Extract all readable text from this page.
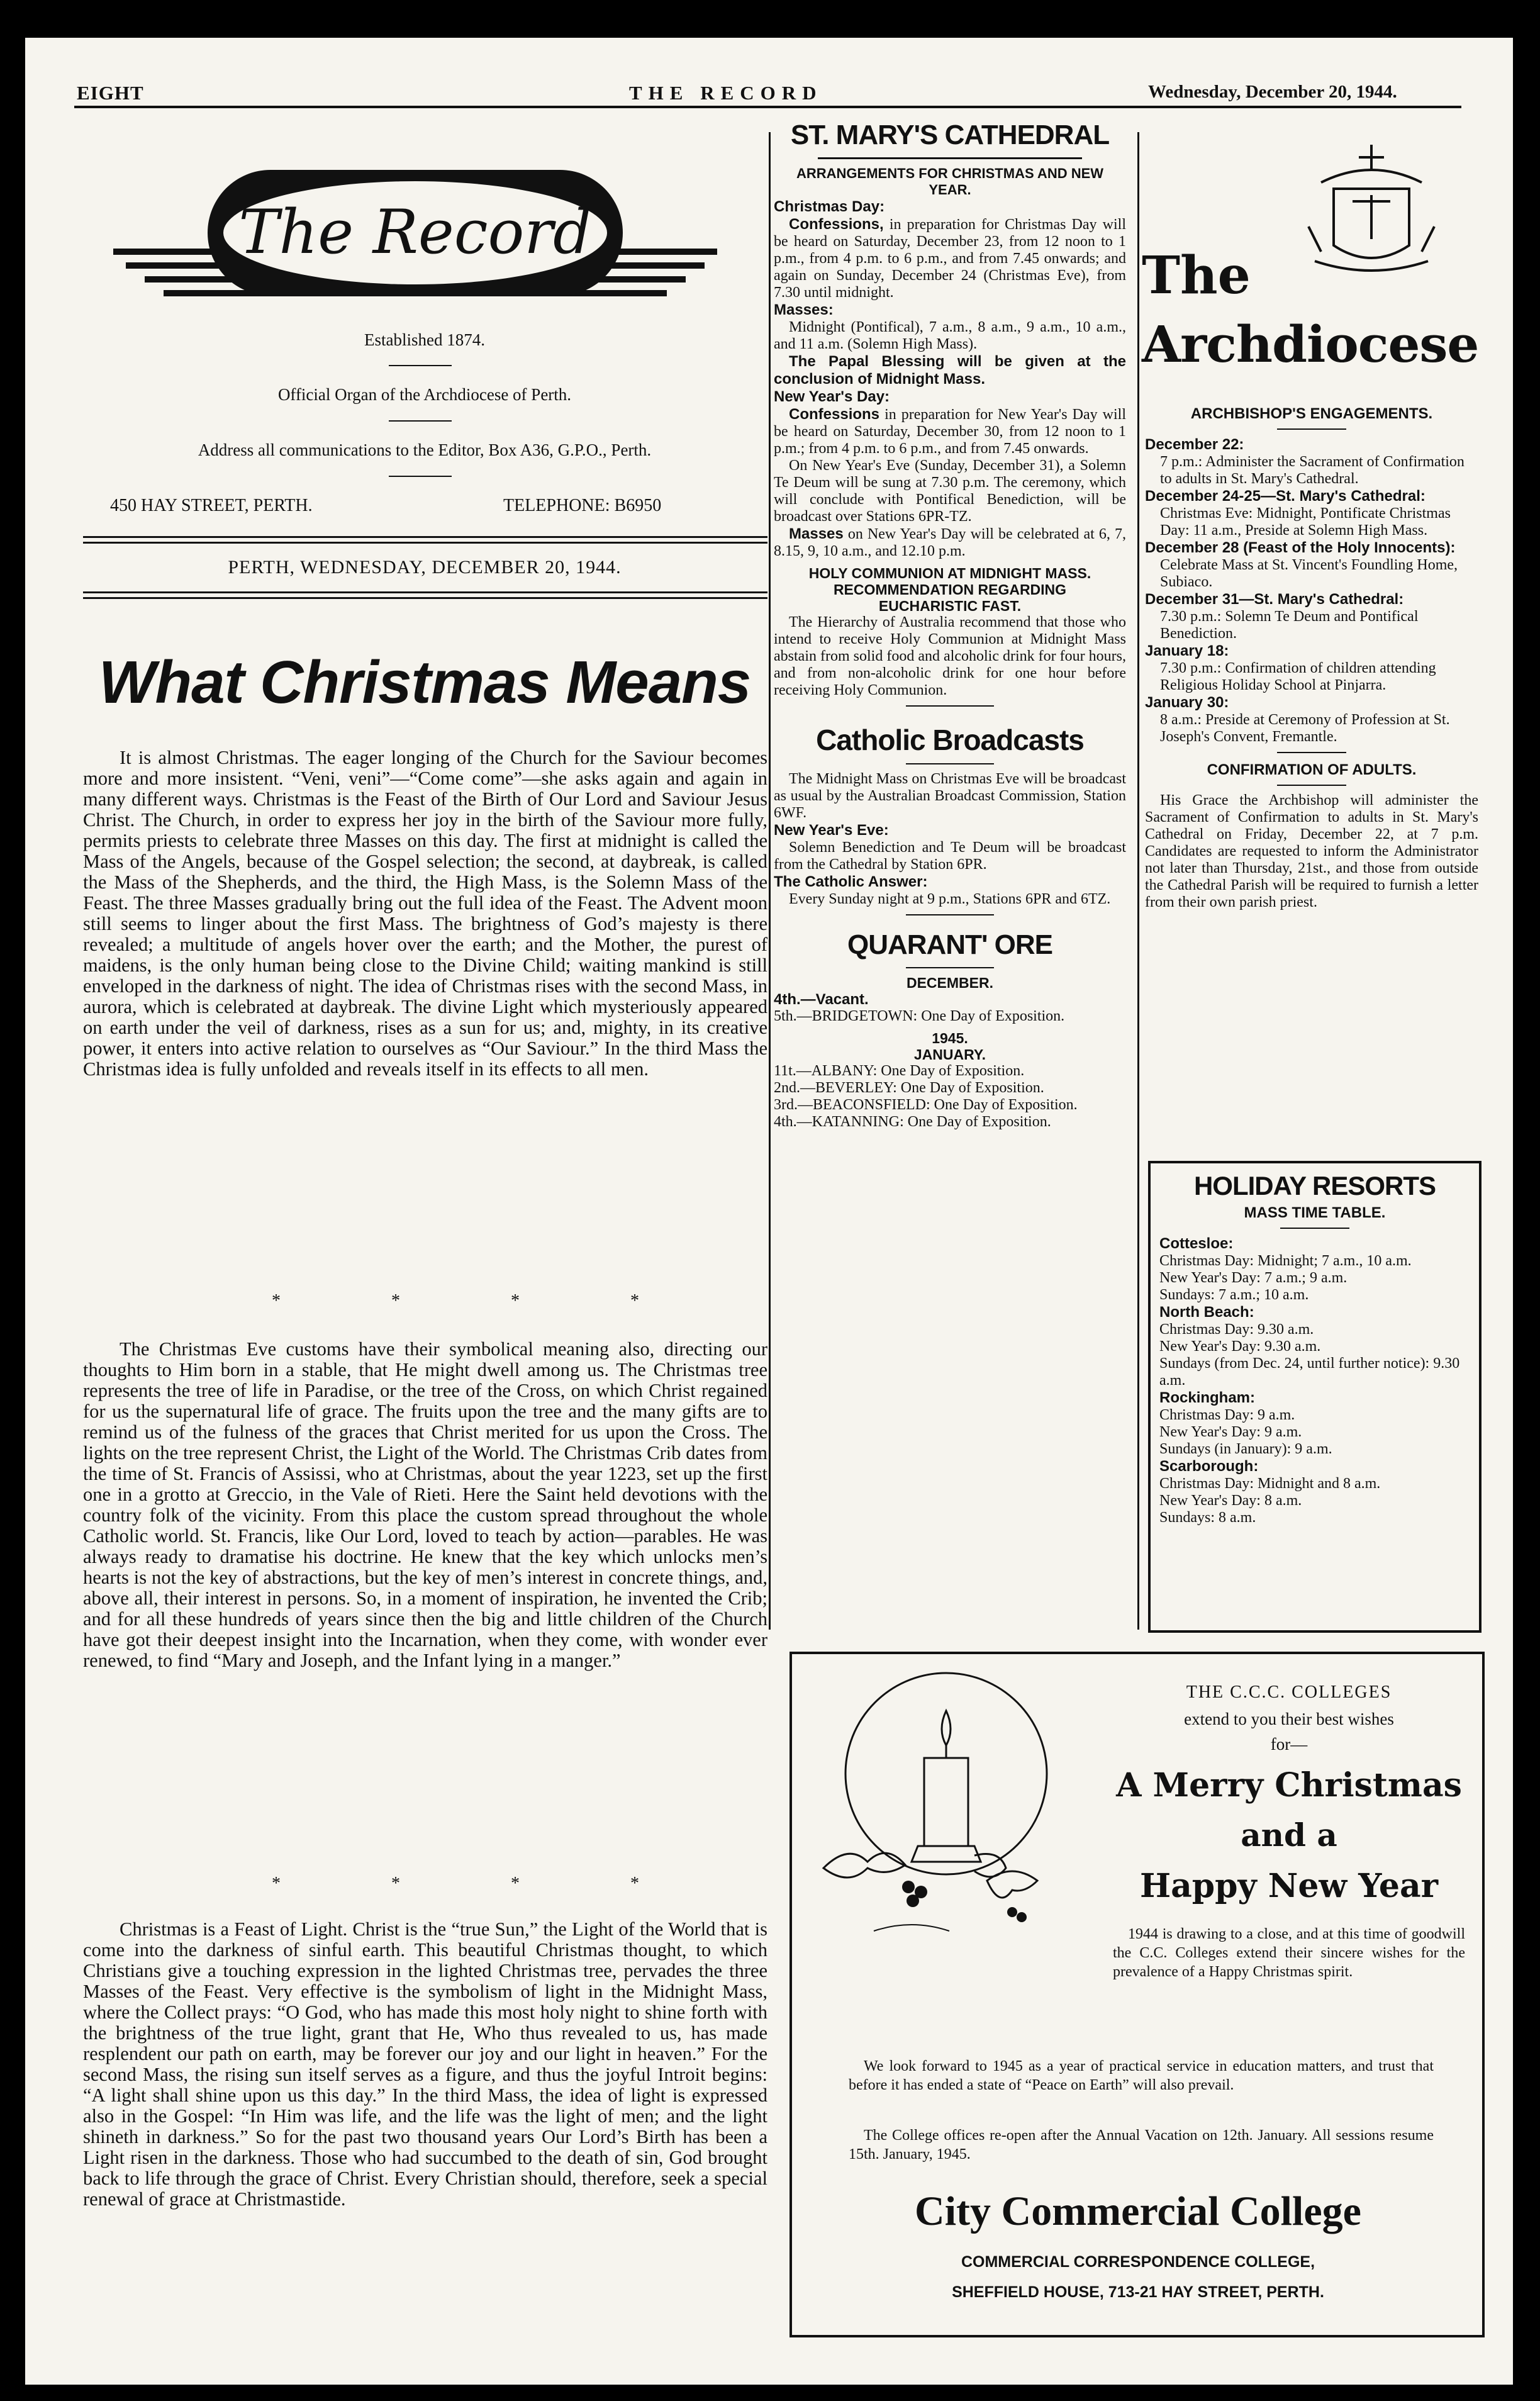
EIGHT	THE RECORD	Wednesday, December 20, 1944.
The Record
Established 1874.
Official Organ of the Archdiocese of Perth.
Address all communications to the Editor, Box A36, G.P.O., Perth.
450 HAY STREET, PERTH.	TELEPHONE: B6950
PERTH, WEDNESDAY, DECEMBER 20, 1944.
What Christmas Means

It is almost Christmas. The eager longing of the Church for the Saviour becomes more and more insistent. “Veni, veni”—“Come come”—she asks again and again in many different ways. Christmas is the Feast of the Birth of Our Lord and Saviour Jesus Christ. The Church, in order to express her joy in the birth of the Saviour more fully, permits priests to celebrate three Masses on this day. The first at midnight is called the Mass of the Angels, because of the Gospel selection; the second, at daybreak, is called the Mass of the Shepherds, and the third, the High Mass, is the Solemn Mass of the Feast. The three Masses gradually bring out the full idea of the Feast. The Advent moon still seems to linger about the first Mass. The brightness of God’s majesty is there revealed; a multitude of angels hover over the earth; and the Mother, the purest of maidens, is the only human being close to the Divine Child; waiting mankind is still enveloped in the darkness of night. The idea of Christmas rises with the second Mass, in aurora, which is celebrated at daybreak. The divine Light which mysteriously appeared on earth under the veil of darkness, rises as a sun for us; and, mighty, in its creative power, it enters into active relation to ourselves as “Our Saviour.” In the third Mass the Christmas idea is fully unfolded and reveals itself in its effects to all men.

*	*	*	*

The Christmas Eve customs have their symbolical meaning also, directing our thoughts to Him born in a stable, that He might dwell among us. The Christmas tree represents the tree of life in Paradise, or the tree of the Cross, on which Christ regained for us the supernatural life of grace. The fruits upon the tree and the many gifts are to remind us of the fulness of the graces that Christ merited for us upon the Cross. The lights on the tree represent Christ, the Light of the World. The Christmas Crib dates from the time of St. Francis of Assissi, who at Christmas, about the year 1223, set up the first one in a grotto at Greccio, in the Vale of Rieti. Here the Saint held devotions with the country folk of the vicinity. From this place the custom spread throughout the whole Catholic world. St. Francis, like Our Lord, loved to teach by action—parables. He was always ready to dramatise his doctrine. He knew that the key which unlocks men’s hearts is not the key of abstractions, but the key of men’s interest in concrete things, and, above all, their interest in persons. So, in a moment of inspiration, he invented the Crib; and for all these hundreds of years since then the big and little children of the Church have got their deepest insight into the Incarnation, when they come, with wonder ever renewed, to find “Mary and Joseph, and the Infant lying in a manger.”

*	*	*	*

Christmas is a Feast of Light. Christ is the “true Sun,” the Light of the World that is come into the darkness of sinful earth. This beautiful Christmas thought, to which Christians give a touching expression in the lighted Christmas tree, pervades the three Masses of the Feast. Very effective is the symbolism of light in the Midnight Mass, where the Collect prays: “O God, who has made this most holy night to shine forth with the brightness of the true light, grant that He, Who thus revealed to us, has made resplendent our path on earth, may be forever our joy and our light in heaven.” For the second Mass, the rising sun itself serves as a figure, and thus the joyful Introit begins: “A light shall shine upon us this day.” In the third Mass, the idea of light is expressed also in the Gospel: “In Him was life, and the life was the light of men; and the light shineth in darkness.” So for the past two thousand years Our Lord’s Birth has been a Light risen in the darkness. Those who had succumbed to the death of sin, God brought back to life through the grace of Christ. Every Christian should, therefore, seek a special renewal of grace at Christmastide.

ST. MARY'S CATHEDRAL
ARRANGEMENTS FOR CHRISTMAS AND NEW YEAR.

Christmas Day:

Confessions, in preparation for Christmas Day will be heard on Saturday, December 23, from 12 noon to 1 p.m., from 4 p.m. to 6 p.m., and from 7.45 onwards; and again on Sunday, December 24 (Christmas Eve), from 7.30 until midnight.

Masses:

Midnight (Pontifical), 7 a.m., 8 a.m., 9 a.m., 10 a.m., and 11 a.m. (Solemn High Mass).

The Papal Blessing will be given at the conclusion of Midnight Mass.

New Year's Day:

Confessions in preparation for New Year's Day will be heard on Saturday, December 30, from 12 noon to 1 p.m.; from 4 p.m. to 6 p.m., and from 7.45 onwards.

On New Year's Eve (Sunday, December 31), a Solemn Te Deum will be sung at 7.30 p.m. The ceremony, which will conclude with Pontifical Benediction, will be broadcast over Stations 6PR-TZ.

Masses on New Year's Day will be celebrated at 6, 7, 8.15, 9, 10 a.m., and 12.10 p.m.

HOLY COMMUNION AT MIDNIGHT MASS.
RECOMMENDATION REGARDING EUCHARISTIC FAST.

The Hierarchy of Australia recommend that those who intend to receive Holy Communion at Midnight Mass abstain from solid food and alcoholic drink for four hours, and from non-alcoholic drink for one hour before receiving Holy Communion.

Catholic Broadcasts

The Midnight Mass on Christmas Eve will be broadcast as usual by the Australian Broadcast Commission, Station 6WF.

New Year's Eve:

Solemn Benediction and Te Deum will be broadcast from the Cathedral by Station 6PR.

The Catholic Answer:

Every Sunday night at 9 p.m., Stations 6PR and 6TZ.

QUARANT' ORE
DECEMBER.

4th.—Vacant.

5th.—BRIDGETOWN: One Day of Exposition.

1945.
JANUARY.

11t.—ALBANY: One Day of Exposition.

2nd.—BEVERLEY: One Day of Exposition.

3rd.—BEACONSFIELD: One Day of Exposition.

4th.—KATANNING: One Day of Exposition.

The
Archdiocese
ARCHBISHOP'S ENGAGEMENTS.

December 22:

7 p.m.: Administer the Sacrament of Confirmation to adults in St. Mary's Cathedral.

December 24-25—St. Mary's Cathedral:

Christmas Eve: Midnight, Pontificate Christmas Day: 11 a.m., Preside at Solemn High Mass.

December 28 (Feast of the Holy Innocents):

Celebrate Mass at St. Vincent's Foundling Home, Subiaco.

December 31—St. Mary's Cathedral:

7.30 p.m.: Solemn Te Deum and Pontifical Benediction.

January 18:

7.30 p.m.: Confirmation of children attending Religious Holiday School at Pinjarra.

January 30:

8 a.m.: Preside at Ceremony of Profession at St. Joseph's Convent, Fremantle.

CONFIRMATION OF ADULTS.

His Grace the Archbishop will administer the Sacrament of Confirmation to adults in St. Mary's Cathedral on Friday, December 22, at 7 p.m. Candidates are requested to inform the Administrator not later than Thursday, 21st., and those from outside the Cathedral Parish will be required to furnish a letter from their own parish priest.

HOLIDAY RESORTS
MASS TIME TABLE.

Cottesloe:

Christmas Day: Midnight; 7 a.m., 10 a.m.

New Year's Day: 7 a.m.; 9 a.m.

Sundays: 7 a.m.; 10 a.m.

North Beach:

Christmas Day: 9.30 a.m.

New Year's Day: 9.30 a.m.

Sundays (from Dec. 24, until further notice): 9.30 a.m.

Rockingham:

Christmas Day: 9 a.m.

New Year's Day: 9 a.m.

Sundays (in January): 9 a.m.

Scarborough:

Christmas Day: Midnight and 8 a.m.

New Year's Day: 8 a.m.

Sundays: 8 a.m.

THE C.C.C. COLLEGES
extend to you their best wishes
for—
A Merry Christmas
and a
Happy New Year

1944 is drawing to a close, and at this time of goodwill the C.C. Colleges extend their sincere wishes for the prevalence of a Happy Christmas spirit.

We look forward to 1945 as a year of practical service in education matters, and trust that before it has ended a state of “Peace on Earth” will also prevail.

The College offices re-open after the Annual Vacation on 12th. January. All sessions resume 15th. January, 1945.

City Commercial College
COMMERCIAL CORRESPONDENCE COLLEGE,
SHEFFIELD HOUSE, 713-21 HAY STREET, PERTH.
